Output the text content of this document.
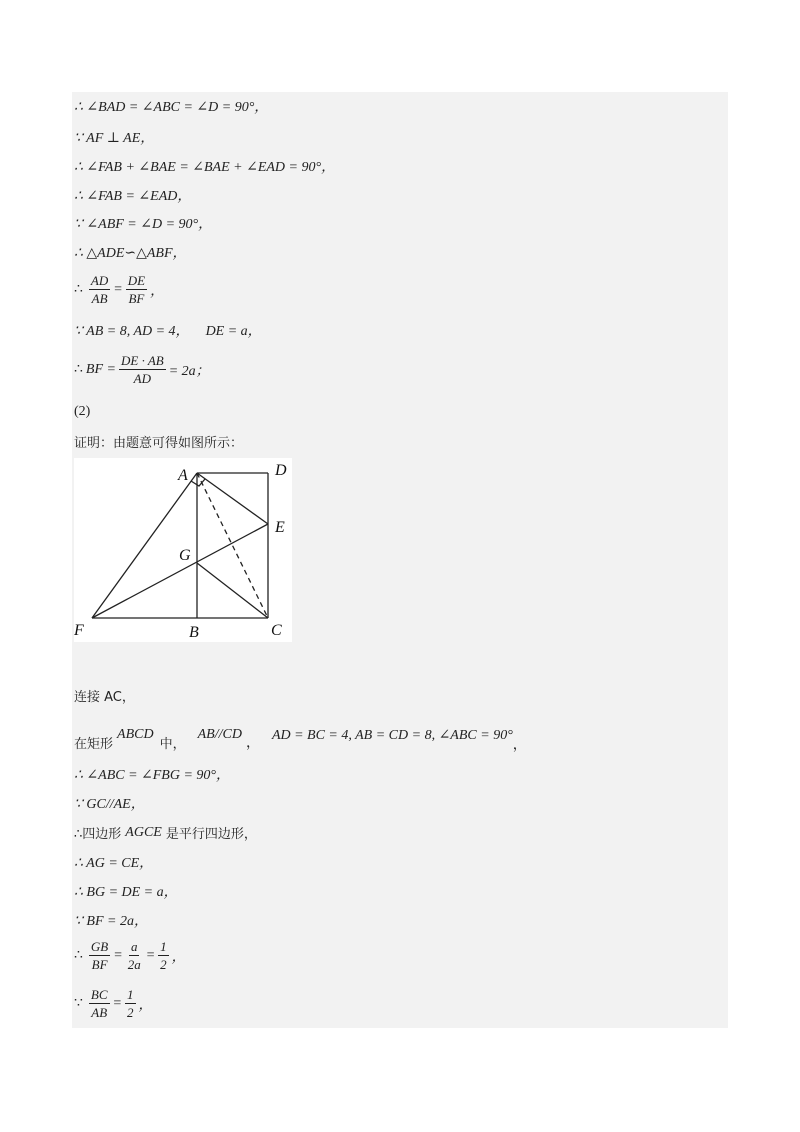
∴ ∠BAD = ∠ABC = ∠D = 90°，
∵ AF ⊥ AE，
∴ ∠FAB + ∠BAE = ∠BAE + ∠EAD = 90°，
∴ ∠FAB = ∠EAD，
∵ ∠ABF = ∠D = 90°，
∴ △ADE∽△ABF，
∴ $\frac{AD}{AB} = \frac{DE}{BF}$ ，
∵ AB = 8, AD = 4， DE = a，
∴ BF = $\frac{DE \cdot AB}{AD} = 2a$；
(2)
证明：由题意可得如图所示：
A	D
E
G
F	B	C
连接 AC，
在矩形
ABCD
中，
AB//CD
，
AD = BC = 4, AB = CD = 8, ∠ABC = 90°
，
∴ ∠ABC = ∠FBG = 90°，
∵ GC//AE，
∴四边形 AGCE 是平行四边形，
∴ AG = CE，
∴ BG = DE = a，
∵ BF = 2a，
∴ $\frac{GB}{BF} = \frac{a}{2a} = \frac{1}{2}$ ，
∵ $\frac{BC}{AB} = \frac{1}{2}$ ，
